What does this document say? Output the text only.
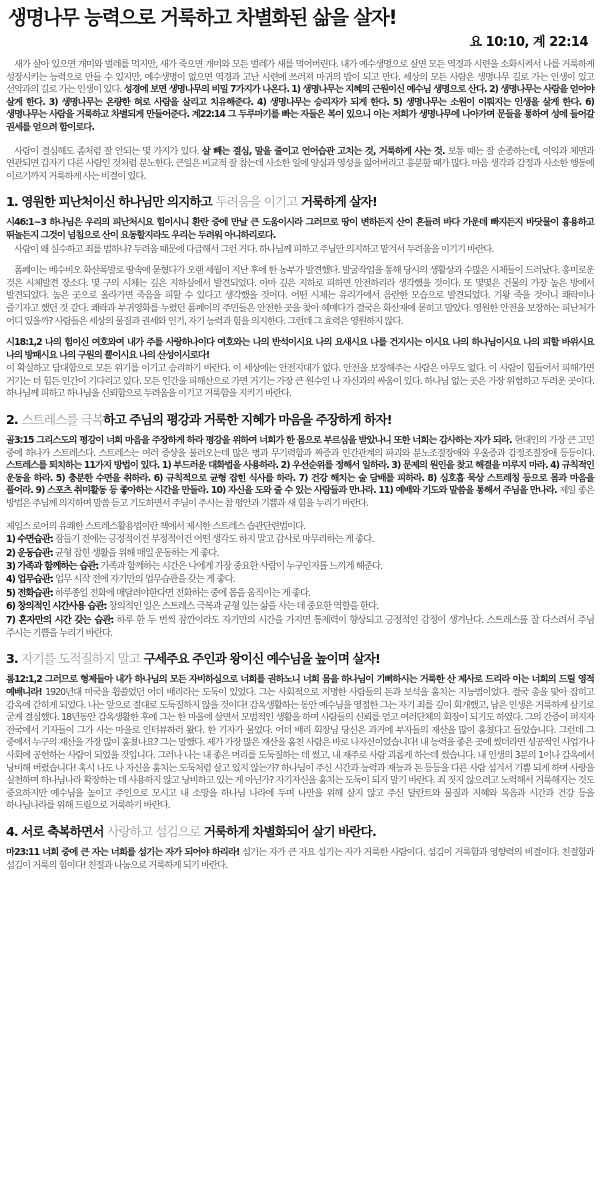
생명나무 능력으로 거룩하고 차별화된 삶을 살자!
요 10:10, 계 22:14

새가 살아 있으면 개미와 벌레를 먹지만, 새가 죽으면 개미와 모든 벌레가 새를 먹어버린다. 내가 예수생명으로 살면 모든 역경과 시련을 소화시켜서 나를 거룩하게 성장시키는 능력으로 만들 수 있지만, 예수생명이 없으면 역경과 고난 시련에 쓰러져 마귀의 밥이 되고 만다. 세상의 모든 사람은 생명나무 길로 가는 인생이 있고 선악과의 길로 가는 인생이 있다. 성경에 보면 생명나무의 비밀 7가지가 나온다. 1) 생명나무는 지혜의 근원이신 예수님 생명으로 산다. 2) 생명나무는 사람을 얻어야 살게 한다. 3) 생명나무는 온량한 혀로 사람을 살리고 치유해준다. 4) 생명나무는 승리자가 되게 한다. 5) 생명나무는 소원이 이뤄지는 인생을 살게 한다. 6) 생명나무는 사람을 거룩하고 차별되게 만들어준다. 계22:14 그 두루마기를 빠는 자들은 복이 있으니 이는 저희가 생명나무에 나아가며 문들을 통하여 성에 들어갈 권세를 얻으려 함이로다.

사람이 결심해도 좀처럼 잘 안되는 몇 가지가 있다. 살 빼는 결심, 말을 줄이고 언어습관 고치는 것, 거룩하게 사는 것. 보통 때는 잘 순종하는데, 이익과 체면과 연관되면 갑자기 다른 사람인 것처럼 분노한다. 큰일은 비교적 잘 참는데 사소한 일에 양심과 영성을 잃어버리고 흥분할 때가 많다. 마음 생각과 감정과 사소한 행동에 이르기까지 거룩하게 사는 비결이 있다.

1. 영원한 피난처이신 하나님만 의지하고 두려움을 이기고 거룩하게 살자!

시46:1~3 하나님은 우리의 피난처시요 힘이시니 환란 중에 만날 큰 도움이시라 그러므로 땅이 변하든지 산이 흔들려 바다 가운데 빠지든지 바닷물이 흉용하고 뛰놀든지 그것이 넘침으로 산이 요동할지라도 우리는 두려워 아니하리로다.

사람이 왜 실수하고 죄를 범하나? 두려움 때문에 다급해서 그런 거다. 하나님께 피하고 주님만 의지하고 맡겨서 두려움을 이기기 바란다.

폼페이는 베수비오 화산폭발로 땅속에 묻혔다가 오랜 세월이 지난 후에 한 농부가 발견했다. 발굴작업을 통해 당시의 생활상과 수많은 시체들이 드러났다. 흥미로운 것은 시체발견 장소다. 몇 구의 시체는 깊은 지하실에서 발견되었다. 아마 깊은 지하로 피하면 안전하리라 생각했을 것이다. 또 몇몇은 건물의 가장 높은 방에서 발견되었다. 높은 곳으로 올라가면 죽음을 피할 수 있다고 생각했을 것이다. 어떤 시체는 유리가에서 음란한 모습으로 발견되었다. 기왕 죽을 것이니 쾌락이나 즐기자고 했던 것 같다. 쾌락과 부귀영화를 누렸던 폼페이의 주민들은 안전한 곳을 찾아 헤매다가 결국은 화산재에 묻히고 말았다. 영원한 안전을 보장하는 피난처가 어디 있을까? 사람들은 세상의 물질과 권세와 인기, 자기 능력과 힘을 의지한다. 그런데 그 효력은 영원하지 않다.

시18:1,2 나의 힘이신 여호와여 내가 주를 사랑하나이다 여호와는 나의 반석이시요 나의 요새시요 나를 건지시는 이시요 나의 하나님이시요 나의 피할 바위시요 나의 방패시요 나의 구원의 뿔이시요 나의 산성이시로다!

이 확실하고 담대함으로 모든 위기를 이기고 승리하기 바란다. 이 세상에는 안전지대가 없다. 안전을 보장해주는 사람은 아무도 없다. 이 사람이 힘들어서 피해가면 거기는 더 힘든 인간이 기다리고 있다. 모든 인간을 피해산으로 가면 거기는 가장 큰 원수인 나 자신과의 싸움이 있다. 하나님 없는 곳은 가장 위험하고 두려운 곳이다. 하나님께 피하고 하나님을 신뢰함으로 두려움을 이기고 거룩함을 지키기 바란다.

2. 스트레스를 극복하고 주님의 평강과 거룩한 지혜가 마음을 주장하게 하자!

골3:15 그리스도의 평강이 너희 마음을 주장하게 하라 평강을 위하여 너희가 한 몸으로 부르심을 받았나니 또한 너희는 감사하는 자가 되라. 현대인의 가장 큰 고민 중에 하나가 스트레스다. 스트레스는 여러 증상을 불러오는데 많은 병과 무기력함과 짜증과 인간관계의 파괴와 분노조절장애와 우울증과 감정조절장애 등등이다. 스트레스를 퇴치하는 11가지 방법이 있다. 1) 부드러운 대화법을 사용하라. 2) 우선순위를 정해서 일하라. 3) 문제의 원인을 찾고 해결을 미루지 마라. 4) 규칙적인 운동을 하라. 5) 충분한 수면을 취하라. 6) 규칙적으로 균형 잡힌 식사를 하라. 7) 건강 해치는 술 담배를 피하라. 8) 심호흡 묵상 스트레칭 등으로 몸과 마음을 풀어라. 9) 스포츠 취미활동 등 좋아하는 시간을 만들라. 10) 자신을 도와 줄 수 있는 사람들과 만나라. 11) 예배와 기도와 말씀을 통해서 주님을 만나라. 제일 좋은 방법은 주님께 의지하며 말씀 듣고 기도하면서 주님이 주시는 참 평안과 기쁨과 새 힘을 누리기 바란다.

제임스 로어의 유쾌한 스트레스활용법이란 책에서 제시한 스트레스 습관단련법이다.

1) 수면습관: 잠들기 전에는 긍정적이건 부정적이건 어떤 생각도 하지 말고 감사로 마무리하는 게 좋다.

2) 운동습관: 균형 잡힌 생활을 위해 매일 운동하는 게 좋다.

3) 가족과 함께하는 습관: 가족과 함께하는 시간은 나에게 가장 중요한 사람이 누구인지를 느끼게 해준다.

4) 업무습관: 업무 시작 전에 자기만의 업무습관을 갖는 게 좋다.

5) 전화습관: 하루종일 전화에 매달려야한다면 전화하는 중에 몸을 움직이는 게 좋다.

6) 창의적인 시간사용 습관: 창의적인 일은 스트레스 극복과 균형 있는 삶을 사는 데 중요한 역할을 한다.

7) 혼자만의 시간 갖는 습관: 하루 한 두 번씩 잠깐이라도 자기만의 시간을 가지면 통제력이 향상되고 긍정적인 감정이 생겨난다. 스트레스를 잘 다스려서 주님 주시는 기쁨을 누리기 바란다.

3. 자기를 도적질하지 말고 구세주요 주인과 왕이신 예수님을 높이며 살자!

롬12:1,2 그러므로 형제들아 내가 하나님의 모든 자비하심으로 너희를 권하노니 너희 몸을 하나님이 기뻐하시는 거룩한 산 제사로 드리라 이는 너희의 드릴 영적 예배니라! 1920년대 미국을 휩쓸었던 어더 배리라는 도둑이 있었다. 그는 사회적으로 저명한 사람들의 돈과 보석을 훔치는 지능범이었다. 결국 총을 맞아 잡히고 감옥에 갇히게 되었다. 나는 앞으로 절대로 도둑질하지 않을 것이다! 감옥생활하는 동안 예수님을 영접한 그는 자기 죄를 깊이 회개했고, 남은 인생은 거룩하게 살기로 굳게 결심했다. 18년동안 감옥생활한 후에 그는 한 마을에 살면서 모범적인 생활을 하며 사람들의 신뢰를 얻고 여러단체의 회장이 되기도 하였다. 그의 간증이 퍼지자 전국에서 기자들이 그가 사는 마을로 인터뷰하러 왔다. 한 기자가 물었다. 어더 배리 회장님 당신은 과거에 부자들의 재산을 많이 훔쳤다고 들었습니다. 그런데 그 중에서 누구의 재산을 가장 많이 훔쳤나요? 그는 말했다. 제가 가장 많은 재산을 훔친 사람은 바로 나자신이었습니다! 내 능력을 좋은 곳에 썼더라면 성공적인 사업가나 사회에 공헌하는 사람이 되었을 것입니다. 그러나 나는 내 좋은 머리를 도둑질하는 데 썼고, 내 재주로 사람 괴롭게 하는데 썼습니다. 내 인생의 3분의 1이나 감옥에서 낭비해 버렸습니다! 혹시 나도 나 자신을 훔치는 도둑처럼 살고 있지 않는가? 하나님이 주신 시간과 능력과 재능과 돈 등등을 다른 사람 섬겨서 기쁨 되게 하며 사랑을 실천하며 하나님나라 확장하는 데 사용하지 않고 낭비하고 있는 게 아닌가? 자기자신을 훔치는 도둑이 되지 말기 바란다. 죄 짓지 않으려고 노력해서 거룩해지는 것도 중요하지만 예수님을 높이고 주인으로 모시고 내 소망을 하나님 나라에 두며 나만을 위해 살지 않고 주신 달란트와 물질과 지혜와 복음과 시간과 건강 등을 하나님나라를 위해 드림으로 거룩하기 바란다.

4. 서로 축복하면서 사랑하고 섬김으로 거룩하게 차별화되어 살기 바란다.

마23:11 너희 중에 큰 자는 너희를 섬기는 자가 되어야 하리라! 섬기는 자가 큰 자요 섬기는 자가 거룩한 사람이다. 섬김이 거룩함과 영향력의 비결이다. 친절함과 섬김이 거룩의 힘이다! 친절과 나눔으로 거룩하게 되기 바란다.
